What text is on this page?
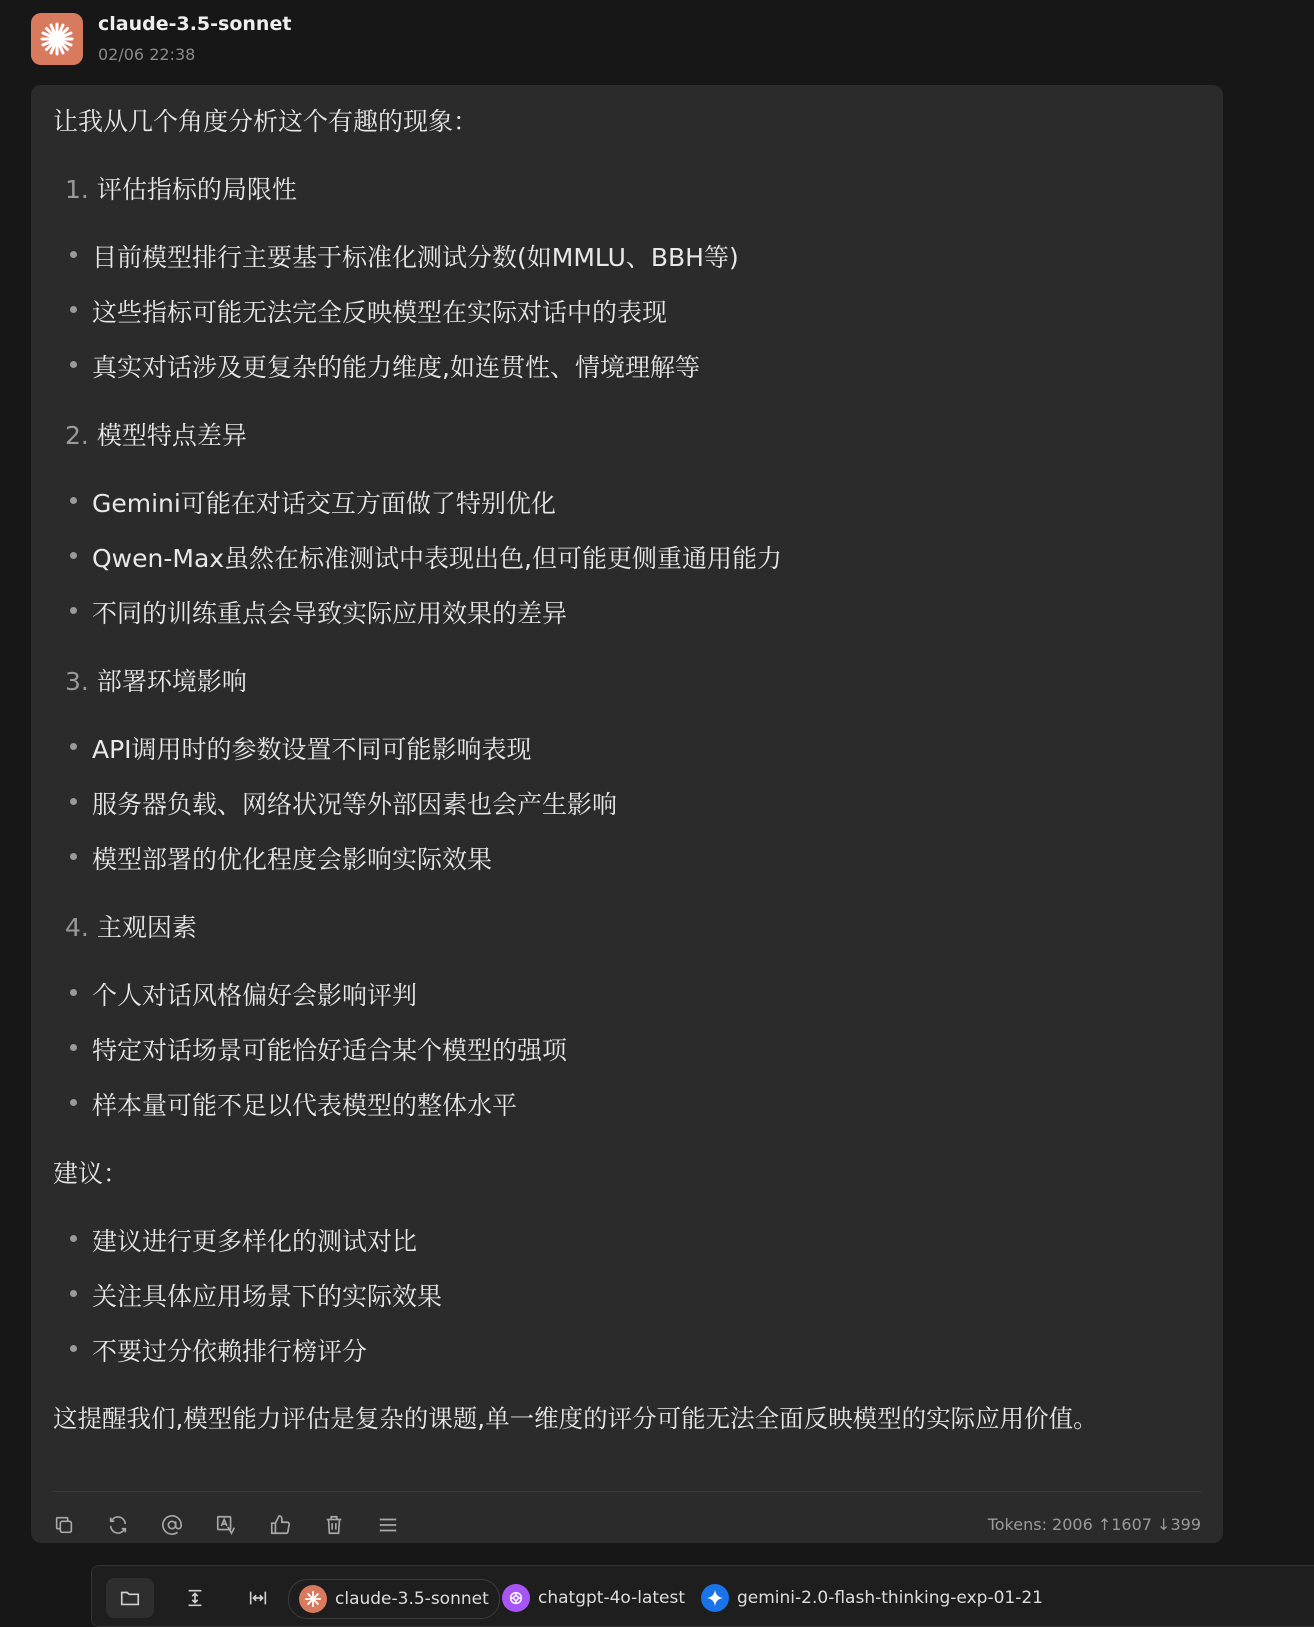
claude-3.5-sonnet
02/06 22:38
让我从几个角度分析这个有趣的现象：
1. 评估指标的局限性
目前模型排行主要基于标准化测试分数(如MMLU、BBH等)
这些指标可能无法完全反映模型在实际对话中的表现
真实对话涉及更复杂的能力维度,如连贯性、情境理解等
2. 模型特点差异
Gemini可能在对话交互方面做了特别优化
Qwen-Max虽然在标准测试中表现出色,但可能更侧重通用能力
不同的训练重点会导致实际应用效果的差异
3. 部署环境影响
API调用时的参数设置不同可能影响表现
服务器负载、网络状况等外部因素也会产生影响
模型部署的优化程度会影响实际效果
4. 主观因素
个人对话风格偏好会影响评判
特定对话场景可能恰好适合某个模型的强项
样本量可能不足以代表模型的整体水平
建议：
建议进行更多样化的测试对比
关注具体应用场景下的实际效果
不要过分依赖排行榜评分
这提醒我们,模型能力评估是复杂的课题,单一维度的评分可能无法全面反映模型的实际应用价值。
Tokens: 2006 ↑1607 ↓399
claude-3.5-sonnet	chatgpt-4o-latest	gemini-2.0-flash-thinking-exp-01-21
